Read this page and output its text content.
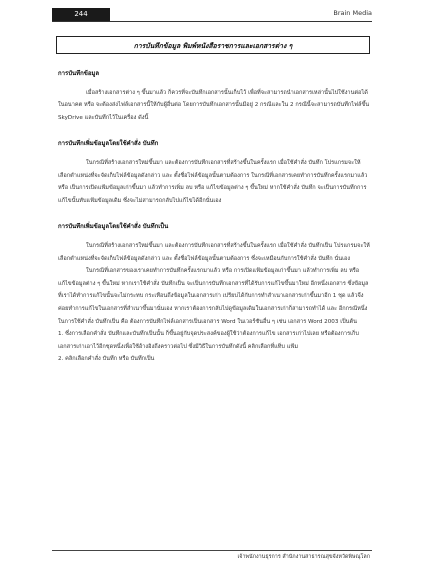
244	Brain Media
การบันทึกข้อมูล พิมพ์หนังสือราชการและเอกสารต่าง ๆ

การบันทึกข้อมูล

เมื่อสร้างเอกสารต่าง ๆ ขึ้นมาแล้ว ก็ควรที่จะบันทึกเอกสารนั้นเก็บไว้ เพื่อที่จะสามารถนำเอกสารเหล่านั้นไปใช้งานต่อได้ในอนาคต หรือ จะต้องส่งไฟล์เอกสารนี้ให้กับผู้อื่นต่อ โดยการบันทึกเอกสารนั้นมีอยู่ 2 กรณีและใน 2 กรณีนี้จะสามารถบันทึกไฟล์ขึ้น SkyDrive และบันทึกไว้ในเครื่อง ดังนี้

การบันทึกเพิ่มข้อมูลโดยใช้คำสั่ง บันทึก

ในกรณีที่สร้างเอกสารใหม่ขึ้นมา และต้องการบันทึกเอกสารที่สร้างขึ้นในครั้งแรก เมื่อใช้คำสั่ง บันทึก โปรแกรมจะให้เลือกตำแหน่งที่จะจัดเก็บไฟล์ข้อมูลดังกล่าว และ ตั้งชื่อไฟล์ข้อมูลนั้นตามต้องการ ในกรณีที่เอกสารเคยทำการบันทึกครั้งแรกมาแล้ว หรือ เป็นการเปิดแฟ้มข้อมูลเก่าขึ้นมา แล้วทำการเพิ่ม ลบ หรือ แก้ไขข้อมูลต่าง ๆ ขึ้นใหม่ หากใช้คำสั่ง บันทึก จะเป็นการบันทึกการแก้ไขนั้นทับแฟ้มข้อมูลเดิม ซึ่งจะไม่สามารถกลับไปแก้ไขได้อีกนั่นเอง

การบันทึกเพิ่มข้อมูลโดยใช้คำสั่ง บันทึกเป็น

ในกรณีที่สร้างเอกสารใหม่ขึ้นมา และต้องการบันทึกเอกสารที่สร้างขึ้นในครั้งแรก เมื่อใช้คำสั่ง บันทึกเป็น โปรแกรมจะให้เลือกตำแหน่งที่จะจัดเก็บไฟล์ข้อมูลดังกล่าว และ ตั้งชื่อไฟล์ข้อมูลนั้นตามต้องการ ซึ่งจะเหมือนกับการใช้คำสั่ง บันทึก นั่นเอง

ในกรณีที่เอกสารของเราเคยทำการบันทึกครั้งแรกมาแล้ว หรือ การเปิดแฟ้มข้อมูลเก่าขึ้นมา แล้วทำการเพิ่ม ลบ หรือ แก้ไขข้อมูลต่าง ๆ ขึ้นใหม่ หากเราใช้คำสั่ง บันทึกเป็น จะเป็นการบันทึกเอกสารที่ได้รับการแก้ไขขึ้นมาใหม่ อีกหนึ่งเอกสาร ซึ่งข้อมูลที่เราได้ทำการแก้ไขนั้นจะไม่กระทบ กระเทือนถึงข้อมูลในเอกสารเก่า เปรียบได้กับการทำสำเนาเอกสารเก่าขึ้นมาอีก 1 ชุด แล้วจึงค่อยทำการแก้ไขในเอกสารที่สำเนาขึ้นมานั่นเอง หากเราต้องการกลับไปดูข้อมูลเดิมในเอกสารเก่าก็สามารถทำได้ และ อีกกรณีหนึ่งในการใช้คำสั่ง บันทึกเป็น คือ ต้องการบันทึกไฟล์เอกสารเป็นเอกสาร Word ในเวอร์ชันอื่น ๆ เช่น เอกสาร Word 2003 เป็นต้น

1. ซึ่งการเลือกคำสั่ง บันทึกและบันทึกเป็นนั้น ก็ขึ้นอยู่กับจุดประสงค์ของผู้ใช้ว่าต้องการแก้ไข เอกสารเก่าไปเลย หรือต้องการเก็บเอกสารเก่าเอาไว้อีกชุดหนึ่งเพื่อใช้อ้างอิงถึงคราวต่อไป ซึ่งมีวิธีในการบันทึกดังนี้ คลิกเลือกที่แท็บ แฟ้ม

2. คลิกเลือกคำสั่ง บันทึก หรือ บันทึกเป็น

เจ้าพนักงานธุรการ สำนักงานสาธารณสุขจังหวัดพิษณุโลก
